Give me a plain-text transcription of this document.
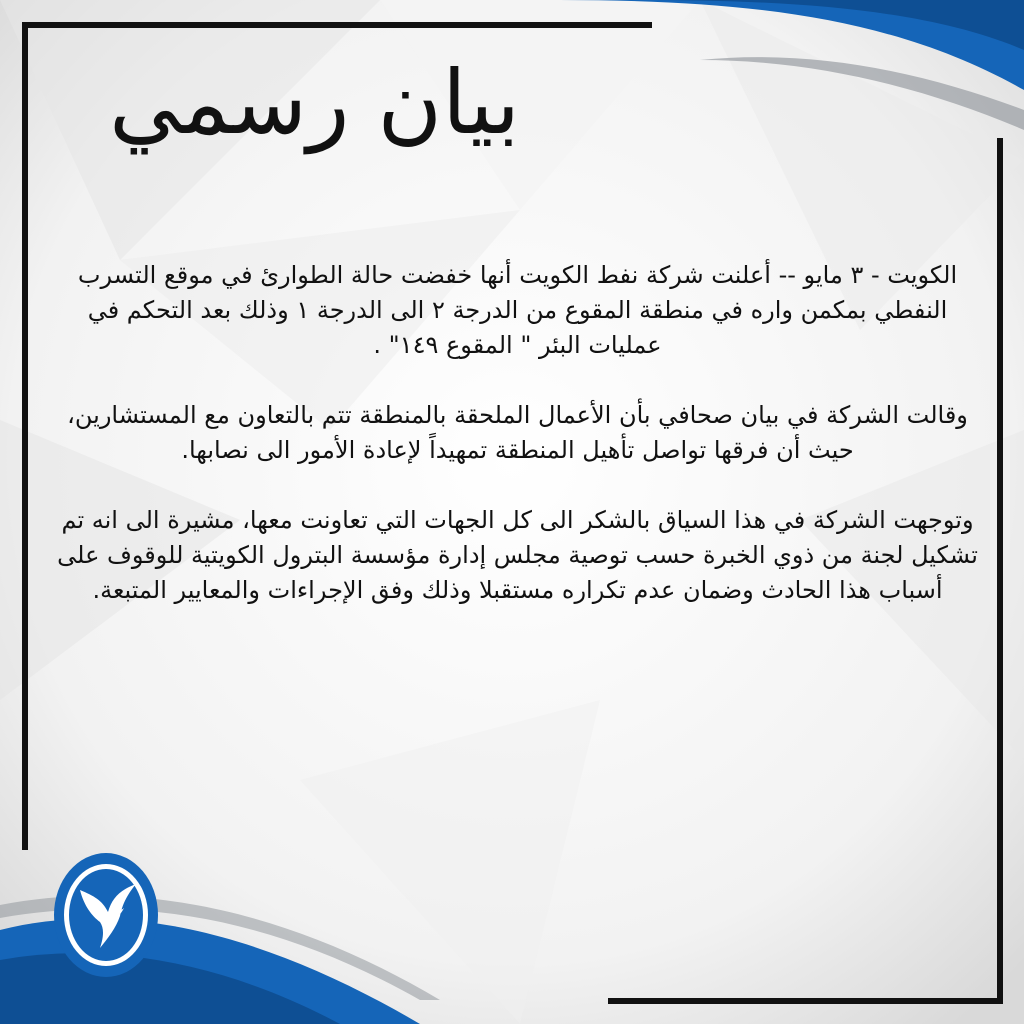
بيان رسمي

الكويت - ٣ مايو -- أعلنت شركة نفط الكويت أنها خفضت حالة الطوارئ في موقع التسرب النفطي بمكمن واره في منطقة المقوع من الدرجة ٢ الى الدرجة ١ وذلك بعد التحكم في عمليات البئر " المقوع ١٤٩" .

وقالت الشركة في بيان صحافي بأن الأعمال الملحقة بالمنطقة تتم بالتعاون مع المستشارين، حيث أن فرقها تواصل تأهيل المنطقة تمهيداً لإعادة الأمور الى نصابها.

وتوجهت الشركة في هذا السياق بالشكر الى كل الجهات التي تعاونت معها، مشيرة الى انه تم تشكيل لجنة من ذوي الخبرة حسب توصية مجلس إدارة مؤسسة البترول الكويتية للوقوف على أسباب هذا الحادث وضمان عدم تكراره مستقبلا وذلك وفق الإجراءات والمعايير المتبعة.
